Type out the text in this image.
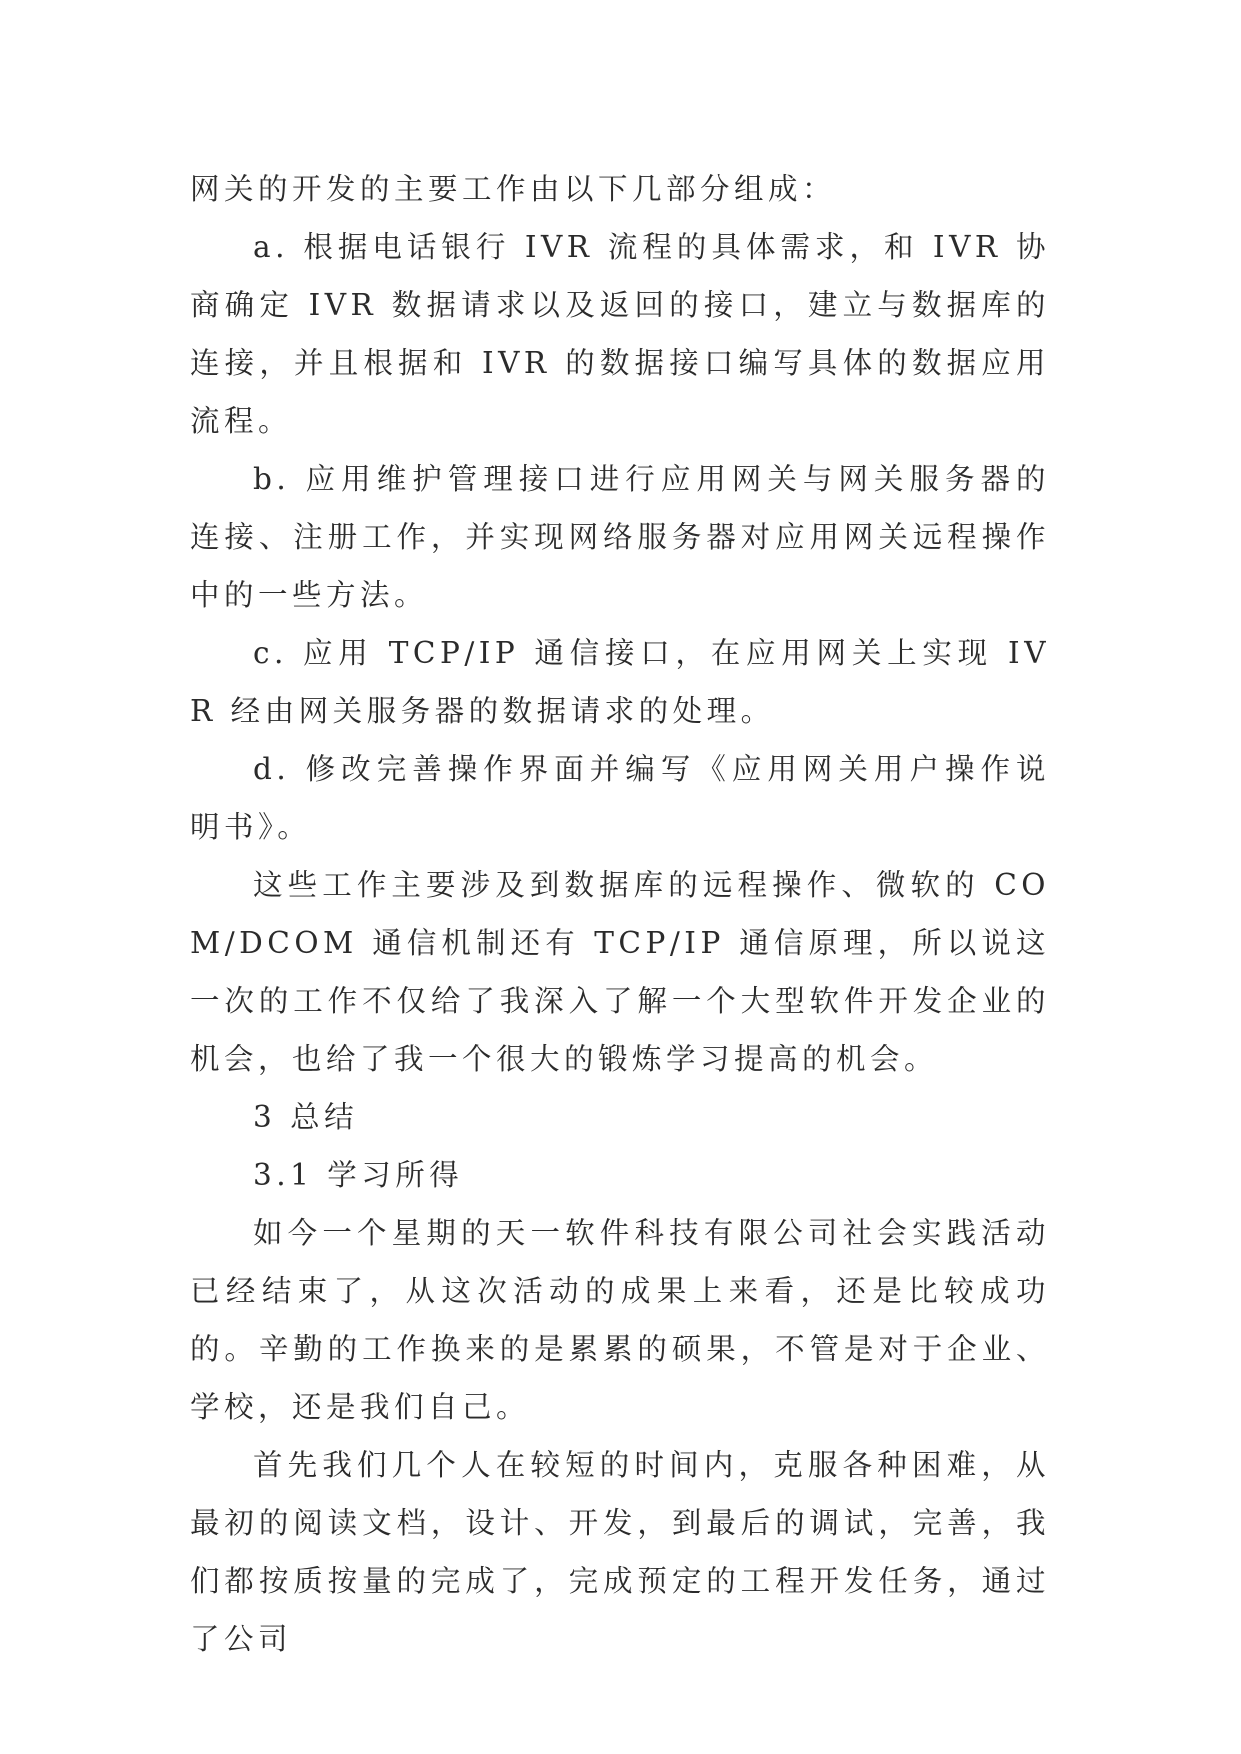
网关的开发的主要工作由以下几部分组成：

a. 根据电话银行 IVR 流程的具体需求，和 IVR 协商确定 IVR 数据请求以及返回的接口，建立与数据库的连接，并且根据和 IVR 的数据接口编写具体的数据应用流程。

b. 应用维护管理接口进行应用网关与网关服务器的连接、注册工作，并实现网络服务器对应用网关远程操作中的一些方法。

c. 应用 TCP/IP 通信接口，在应用网关上实现 IVR 经由网关服务器的数据请求的处理。

d. 修改完善操作界面并编写《应用网关用户操作说明书》。

这些工作主要涉及到数据库的远程操作、微软的 COM/DCOM 通信机制还有 TCP/IP 通信原理，所以说这一次的工作不仅给了我深入了解一个大型软件开发企业的机会，也给了我一个很大的锻炼学习提高的机会。

3 总结

3.1 学习所得

如今一个星期的天一软件科技有限公司社会实践活动已经结束了，从这次活动的成果上来看，还是比较成功的。辛勤的工作换来的是累累的硕果，不管是对于企业、 学校，还是我们自己。

首先我们几个人在较短的时间内，克服各种困难，从最初的阅读文档，设计、开发，到最后的调试，完善，我们都按质按量的完成了，完成预定的工程开发任务，通过了公司
